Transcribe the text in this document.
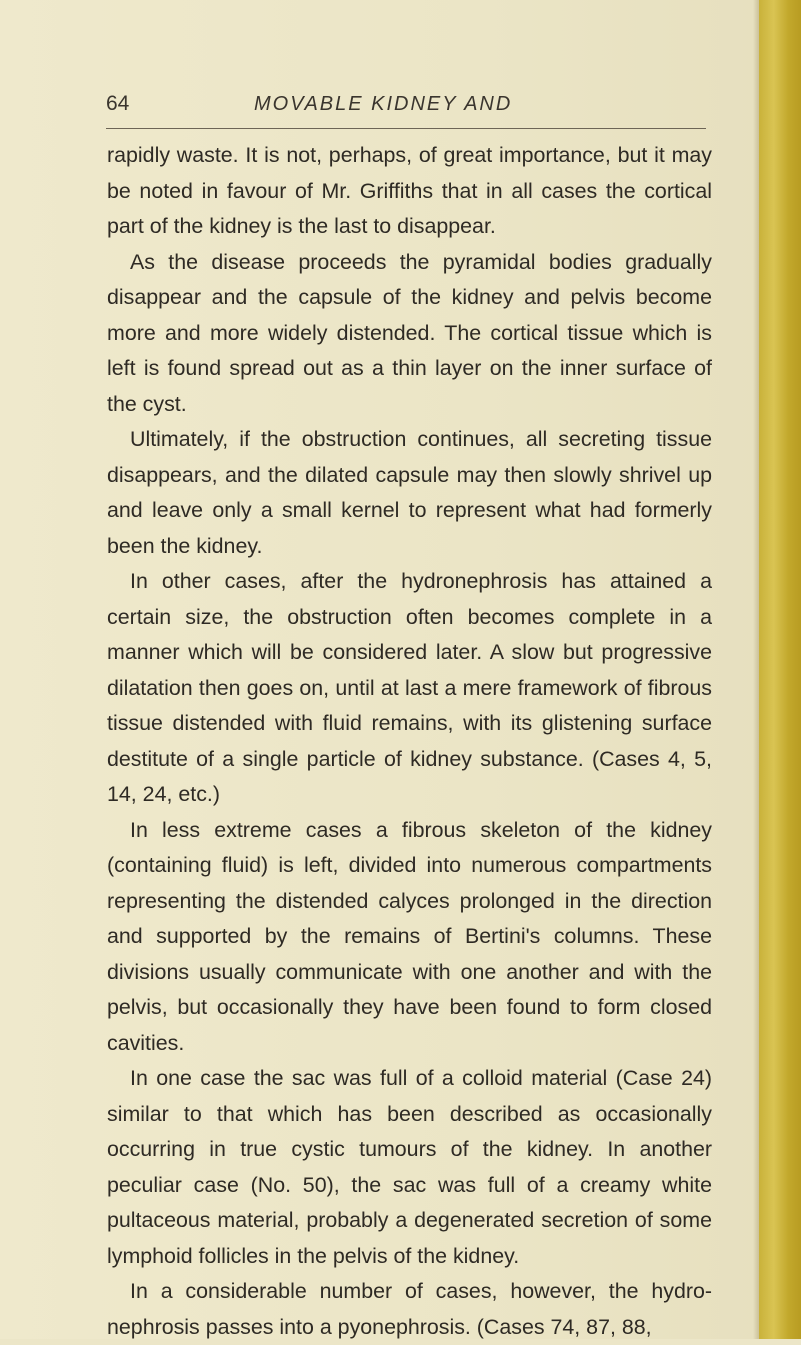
64	MOVABLE KIDNEY AND

rapidly waste. It is not, perhaps, of great importance, but it may be noted in favour of Mr. Griffiths that in all cases the cortical part of the kidney is the last to disappear.

As the disease proceeds the pyramidal bodies gradually disappear and the capsule of the kidney and pelvis become more and more widely distended. The cortical tissue which is left is found spread out as a thin layer on the inner surface of the cyst.

Ultimately, if the obstruction continues, all secreting tissue disappears, and the dilated capsule may then slowly shrivel up and leave only a small kernel to represent what had formerly been the kidney.

In other cases, after the hydronephrosis has attained a certain size, the obstruction often becomes complete in a manner which will be considered later. A slow but progressive dilatation then goes on, until at last a mere framework of fibrous tissue distended with fluid remains, with its glistening surface destitute of a single particle of kidney substance. (Cases 4, 5, 14, 24, etc.)

In less extreme cases a fibrous skeleton of the kidney (containing fluid) is left, divided into numerous compartments representing the distended calyces prolonged in the direction and supported by the remains of Bertini's columns. These divisions usually communicate with one another and with the pelvis, but occasionally they have been found to form closed cavities.

In one case the sac was full of a colloid material (Case 24) similar to that which has been described as occasionally occurring in true cystic tumours of the kidney. In another peculiar case (No. 50), the sac was full of a creamy white pultaceous material, probably a degenerated secretion of some lymphoid follicles in the pelvis of the kidney.

In a considerable number of cases, however, the hydronephrosis passes into a pyonephrosis. (Cases 74, 87, 88,
